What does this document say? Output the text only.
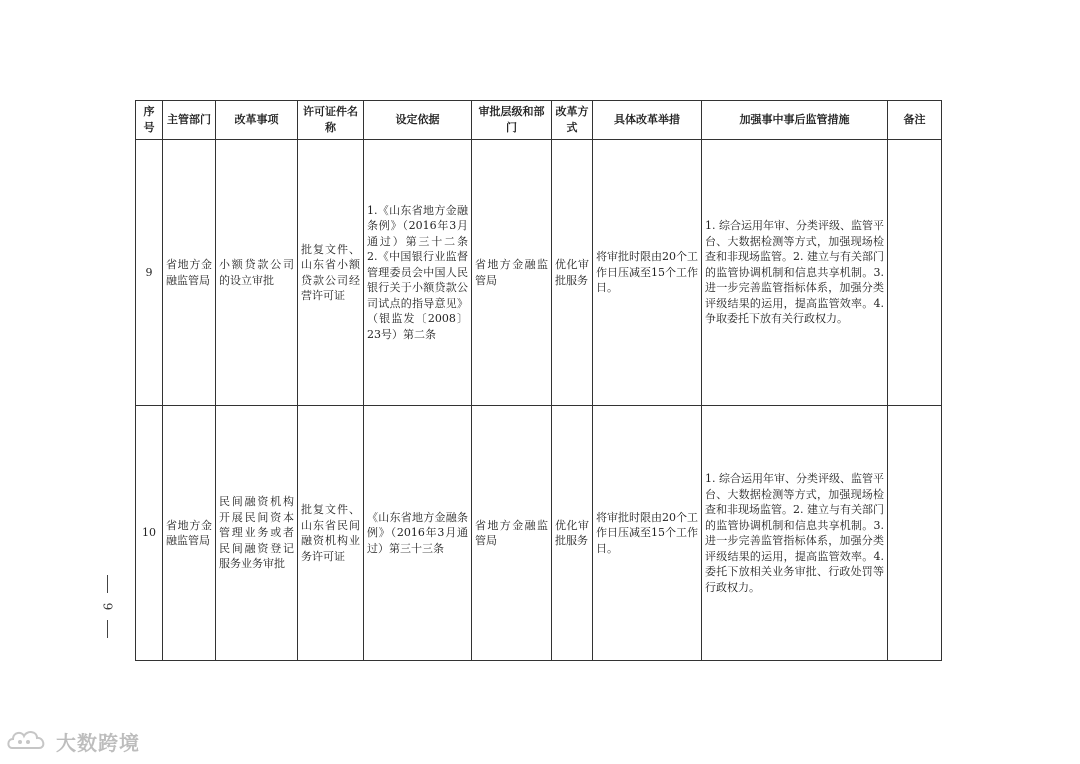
序号	主管部门	改革事项	许可证件名称	设定依据	审批层级和部门	改革方式	具体改革举措	加强事中事后监管措施	备注
9	省地方金融监管局	小额贷款公司的设立审批	批复文件、山东省小额贷款公司经营许可证	1.《山东省地方金融条例》（2016年3月通过）第三十二条 2.《中国银行业监督管理委员会中国人民银行关于小额贷款公司试点的指导意见》（银监发〔2008〕23号）第二条	省地方金融监管局	优化审批服务	将审批时限由20个工作日压减至15个工作日。	1. 综合运用年审、分类评级、监管平台、大数据检测等方式，加强现场检查和非现场监管。2. 建立与有关部门的监管协调机制和信息共享机制。3. 进一步完善监管指标体系，加强分类评级结果的运用，提高监管效率。4. 争取委托下放有关行政权力。	
10	省地方金融监管局	民间融资机构开展民间资本管理业务或者民间融资登记服务业务审批	批复文件、山东省民间融资机构业务许可证	《山东省地方金融条例》（2016年3月通过）第三十三条	省地方金融监管局	优化审批服务	将审批时限由20个工作日压减至15个工作日。	1. 综合运用年审、分类评级、监管平台、大数据检测等方式，加强现场检查和非现场监管。2. 建立与有关部门的监管协调机制和信息共享机制。3. 进一步完善监管指标体系，加强分类评级结果的运用，提高监管效率。4. 委托下放相关业务审批、行政处罚等行政权力。	
9
大数跨境
